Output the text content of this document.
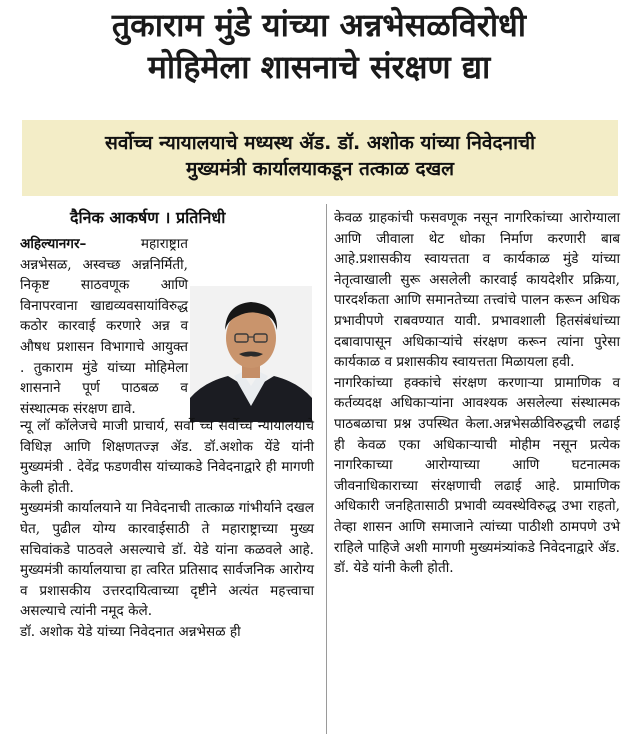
तुकाराम मुंडे यांच्या अन्नभेसळविरोधी
मोहिमेला शासनाचे संरक्षण द्या
सर्वोच्च न्यायालयाचे मध्यस्थ ॲड. डॉ. अशोक यांच्या निवेदनाची
मुख्यमंत्री कार्यालयाकडून तत्काळ दखल
दैनिक आकर्षण । प्रतिनिधी

अहिल्यानगर–	महाराष्ट्रात अन्नभेसळ, अस्वच्छ अन्ननिर्मिती, निकृष्ट साठवणूक आणि विनापरवाना खाद्यव्यवसायांविरुद्ध कठोर कारवाई करणारे अन्न व औषध प्रशासन विभागाचे आयुक्त . तुकाराम मुंडे यांच्या मोहिमेला शासनाने पूर्ण पाठबळ व संस्थात्मक संरक्षण द्यावे.

न्यू लॉ कॉलेजचे माजी प्राचार्य, सर्वो च्च सर्वोच्च न्यायालयाचे विधिज्ञ आणि शिक्षणतज्ज्ञ ॲड. डॉ.अशोक येंडे यांनी मुख्यमंत्री . देवेंद्र फडणवीस यांच्याकडे निवेदनाद्वारे ही मागणी केली होती.

मुख्यमंत्री कार्यालयाने या निवेदनाची तात्काळ गांभीर्याने दखल घेत, पुढील योग्य कारवाईसाठी ते महाराष्ट्राच्या मुख्य सचिवांकडे पाठवले असल्याचे डॉ. येडे यांना कळवले आहे. मुख्यमंत्री कार्यालयाचा हा त्वरित प्रतिसाद सार्वजनिक आरोग्य व प्रशासकीय उत्तरदायित्वाच्या दृष्टीने अत्यंत महत्त्वाचा असल्याचे त्यांनी नमूद केले.

डॉ. अशोक येडे यांच्या निवेदनात अन्नभेसळ ही

केवळ ग्राहकांची फसवणूक नसून नागरिकांच्या आरोग्याला आणि जीवाला थेट धोका निर्माण करणारी बाब आहे.प्रशासकीय स्वायत्तता व कार्यकाळ मुंडे यांच्या नेतृत्वाखाली सुरू असलेली कारवाई कायदेशीर प्रक्रिया, पारदर्शकता आणि समानतेच्या तत्त्वांचे पालन करून अधिक प्रभावीपणे राबवण्यात यावी. प्रभावशाली हितसंबंधांच्या दबावापासून अधिकाऱ्यांचे संरक्षण करून त्यांना पुरेसा कार्यकाळ व प्रशासकीय स्वायत्तता मिळायला हवी.

नागरिकांच्या हक्कांचे संरक्षण करणाऱ्या प्रामाणिक व कर्तव्यदक्ष अधिकाऱ्यांना आवश्यक असलेल्या संस्थात्मक पाठबळाचा प्रश्न उपस्थित केला.अन्नभेसळीविरुद्धची लढाई ही केवळ एका अधिकाऱ्याची मोहीम नसून प्रत्येक नागरिकाच्या आरोग्याच्या आणि घटनात्मक जीवनाधिकाराच्या संरक्षणाची लढाई आहे. प्रामाणिक अधिकारी जनहितासाठी प्रभावी व्यवस्थेविरुद्ध उभा राहतो, तेव्हा शासन आणि समाजाने त्यांच्या पाठीशी ठामपणे उभे राहिले पाहिजे अशी मागणी मुख्यमंत्र्यांकडे निवेदनाद्वारे ॲड. डॉ. येडे यांनी केली होती.
